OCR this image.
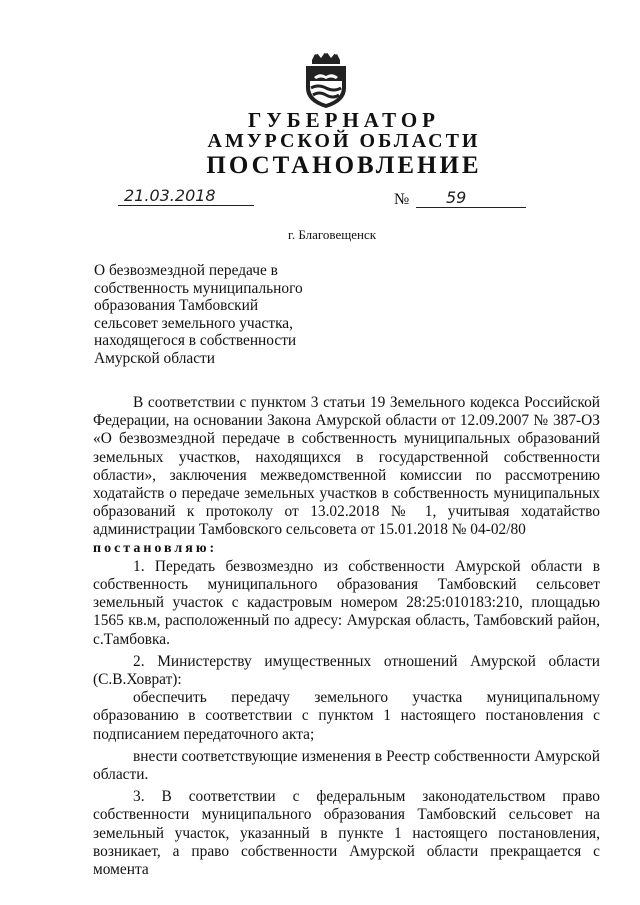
ГУБЕРНАТОР
АМУРСКОЙ ОБЛАСТИ
ПОСТАНОВЛЕНИЕ
21.03.2018	№ 59
г. Благовещенск
О безвозмездной передаче в
собственность муниципального
образования Тамбовский
сельсовет земельного участка,
находящегося в собственности
Амурской области

В соответствии с пунктом 3 статьи 19 Земельного кодекса Российской Федерации, на основании Закона Амурской области от 12.09.2007 № 387-ОЗ «О безвозмездной передаче в собственность муниципальных образований земельных участков, находящихся в государственной собственности области», заключения межведомственной комиссии по рассмотрению ходатайств о передаче земельных участков в собственность муниципальных образований к протоколу от 13.02.2018 № 1, учитывая ходатайство администрации Тамбовского сельсовета от 15.01.2018 № 04-02/80

постановляю:

1. Передать безвозмездно из собственности Амурской области в собственность муниципального образования Тамбовский сельсовет земельный участок с кадастровым номером 28:25:010183:210, площадью 1565 кв.м, расположенный по адресу: Амурская область, Тамбовский район, с.Тамбовка.

2. Министерству имущественных отношений Амурской области (С.В.Ховрат):

обеспечить передачу земельного участка муниципальному образованию в соответствии с пунктом 1 настоящего постановления с подписанием передаточного акта;

внести соответствующие изменения в Реестр собственности Амурской области.

3. В соответствии с федеральным законодательством право собственности муниципального образования Тамбовский сельсовет на земельный участок, указанный в пункте 1 настоящего постановления, возникает, а право собственности Амурской области прекращается с момента
